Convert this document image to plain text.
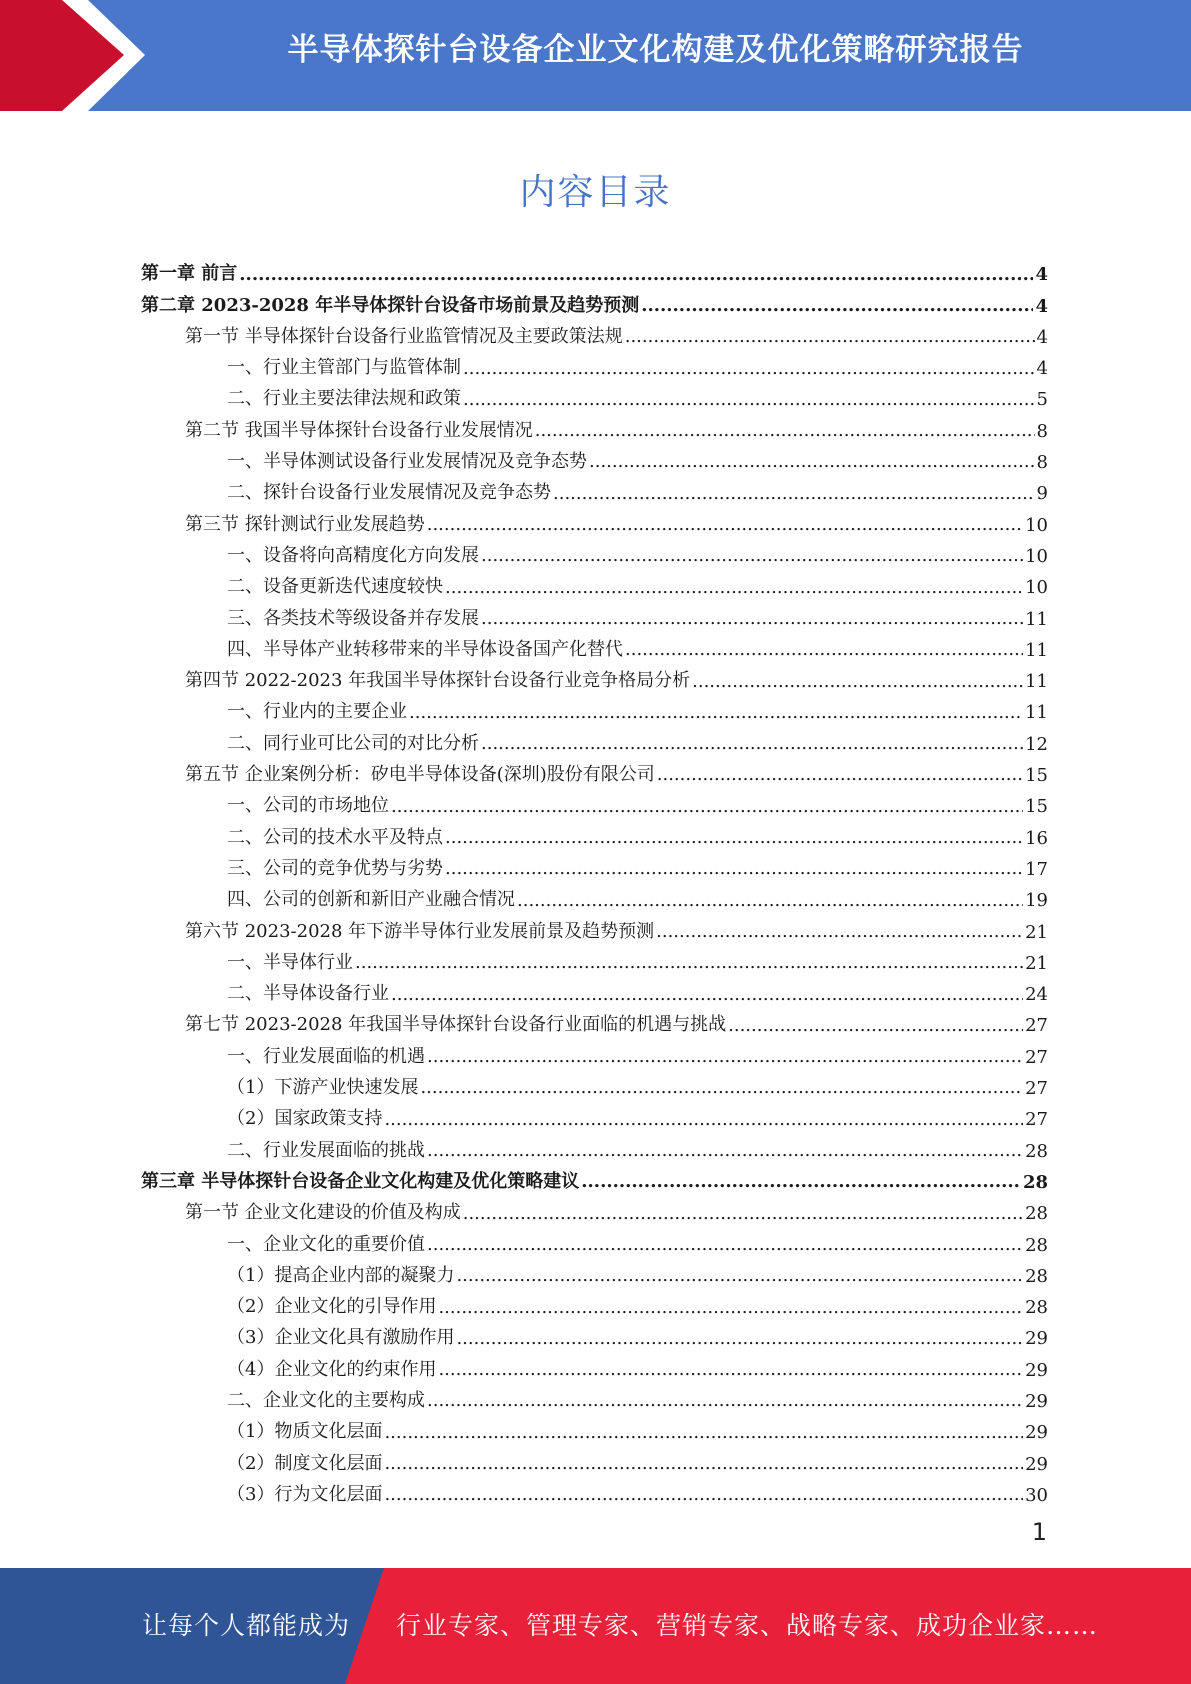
半导体探针台设备企业文化构建及优化策略研究报告
内容目录
第一章 前言 .....	4
第二章 2023-2028 年半导体探针台设备市场前景及趋势预测 .....	4
第一节 半导体探针台设备行业监管情况及主要政策法规 .....	4
一、行业主管部门与监管体制 .....	4
二、行业主要法律法规和政策 .....	5
第二节 我国半导体探针台设备行业发展情况 .....	8
一、半导体测试设备行业发展情况及竞争态势 .....	8
二、探针台设备行业发展情况及竞争态势 .....	9
第三节 探针测试行业发展趋势 .....	10
一、设备将向高精度化方向发展 .....	10
二、设备更新迭代速度较快 .....	10
三、各类技术等级设备并存发展 .....	11
四、半导体产业转移带来的半导体设备国产化替代 .....	11
第四节 2022-2023 年我国半导体探针台设备行业竞争格局分析 .....	11
一、行业内的主要企业 .....	11
二、同行业可比公司的对比分析 .....	12
第五节 企业案例分析：矽电半导体设备(深圳)股份有限公司 .....	15
一、公司的市场地位 .....	15
二、公司的技术水平及特点 .....	16
三、公司的竞争优势与劣势 .....	17
四、公司的创新和新旧产业融合情况 .....	19
第六节 2023-2028 年下游半导体行业发展前景及趋势预测 .....	21
一、半导体行业 .....	21
二、半导体设备行业 .....	24
第七节 2023-2028 年我国半导体探针台设备行业面临的机遇与挑战 .....	27
一、行业发展面临的机遇 .....	27
（1）下游产业快速发展 .....	27
（2）国家政策支持 .....	27
二、行业发展面临的挑战 .....	28
第三章 半导体探针台设备企业文化构建及优化策略建议 .....	28
第一节 企业文化建设的价值及构成 .....	28
一、企业文化的重要价值 .....	28
（1）提高企业内部的凝聚力 .....	28
（2）企业文化的引导作用 .....	28
（3）企业文化具有激励作用 .....	29
（4）企业文化的约束作用 .....	29
二、企业文化的主要构成 .....	29
（1）物质文化层面 .....	29
（2）制度文化层面 .....	29
（3）行为文化层面 .....	30
1
让每个人都能成为 行业专家、管理专家、营销专家、战略专家、成功企业家……
